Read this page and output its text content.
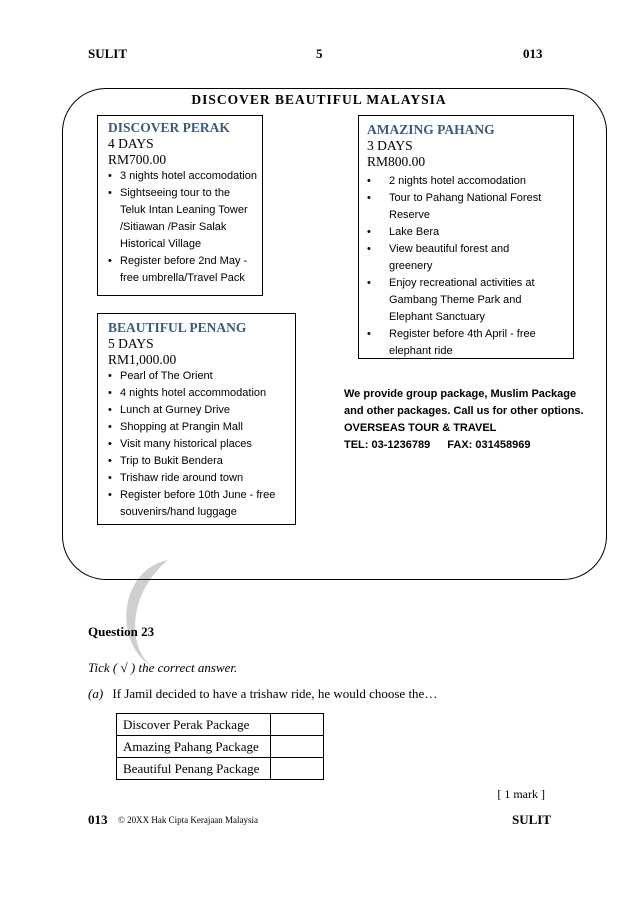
SULIT	5	013
DISCOVER BEAUTIFUL MALAYSIA
DISCOVER PERAK
4 DAYS
RM700.00
• 3 nights hotel accomodation
• Sightseeing tour to the Teluk Intan Leaning Tower /Sitiawan /Pasir Salak Historical Village
• Register before 2nd May - free umbrella/Travel Pack
AMAZING PAHANG
3 DAYS
RM800.00
• 2 nights hotel accomodation
• Tour to Pahang National Forest Reserve
• Lake Bera
• View beautiful forest and greenery
• Enjoy recreational activities at Gambang Theme Park and Elephant Sanctuary
• Register before 4th April - free elephant ride
BEAUTIFUL PENANG
5 DAYS
RM1,000.00
• Pearl of The Orient
• 4 nights hotel accommodation
• Lunch at Gurney Drive
• Shopping at Prangin Mall
• Visit many historical places
• Trip to Bukit Bendera
• Trishaw ride around town
• Register before 10th June - free souvenirs/hand luggage
We provide group package, Muslim Package
and other packages. Call us for other options.
OVERSEAS TOUR & TRAVEL
TEL: 03-1236789 FAX: 031458969
Question 23
Tick ( √ ) the correct answer.
(a) If Jamil decided to have a trishaw ride, he would choose the…
Discover Perak Package	
Amazing Pahang Package	
Beautiful Penang Package	
[ 1 mark ]
013 © 20XX Hak Cipta Kerajaan Malaysia	SULIT
